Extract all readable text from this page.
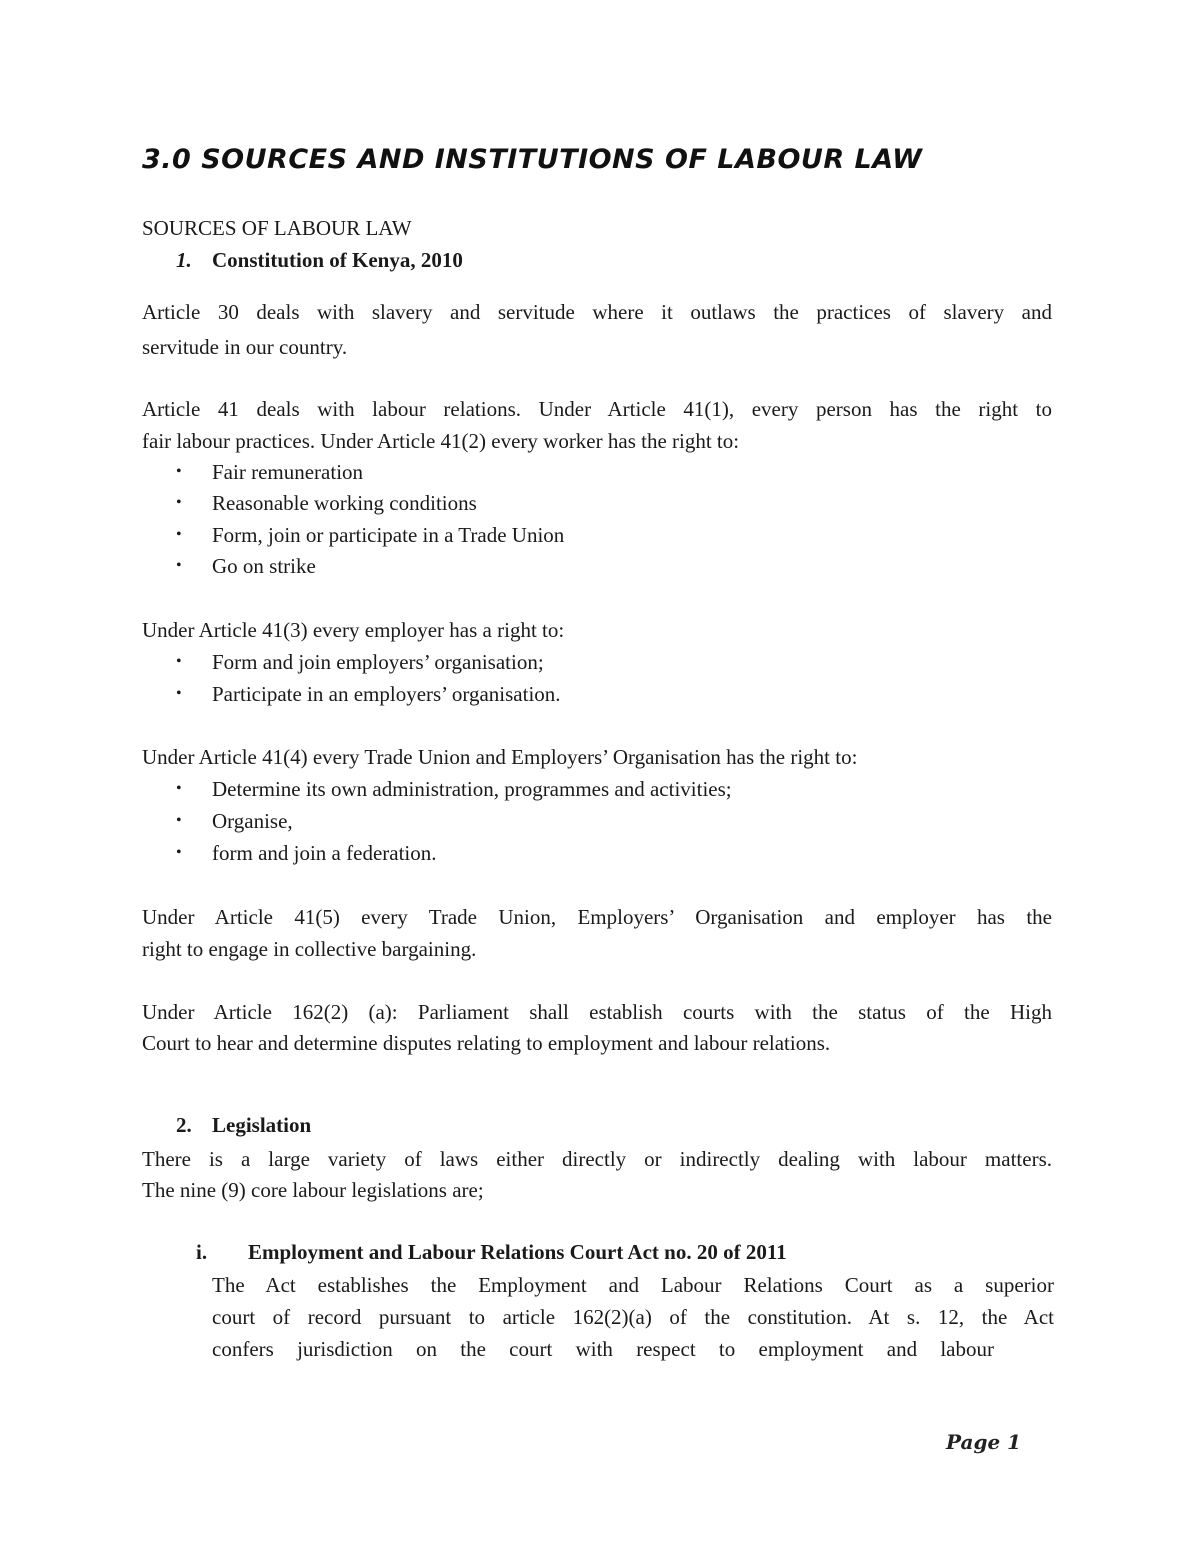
3.0 SOURCES AND INSTITUTIONS OF LABOUR LAW

SOURCES OF LABOUR LAW

1. Constitution of Kenya, 2010

Article 30 deals with slavery and servitude where it outlaws the practices of slavery and

servitude in our country.

Article 41 deals with labour relations. Under Article 41(1), every person has the right to

fair labour practices. Under Article 41(2) every worker has the right to:

• Fair remuneration

• Reasonable working conditions

• Form, join or participate in a Trade Union

• Go on strike

Under Article 41(3) every employer has a right to:

• Form and join employers’ organisation;

• Participate in an employers’ organisation.

Under Article 41(4) every Trade Union and Employers’ Organisation has the right to:

• Determine its own administration, programmes and activities;

• Organise,

• form and join a federation.

Under Article 41(5) every Trade Union, Employers’ Organisation and employer has the

right to engage in collective bargaining.

Under Article 162(2) (a): Parliament shall establish courts with the status of the High

Court to hear and determine disputes relating to employment and labour relations.

2. Legislation

There is a large variety of laws either directly or indirectly dealing with labour matters.

The nine (9) core labour legislations are;

i. Employment and Labour Relations Court Act no. 20 of 2011

The Act establishes the Employment and Labour Relations Court as a superior

court of record pursuant to article 162(2)(a) of the constitution. At s. 12, the Act

confers jurisdiction on the court with respect to employment and labour

Page 1
